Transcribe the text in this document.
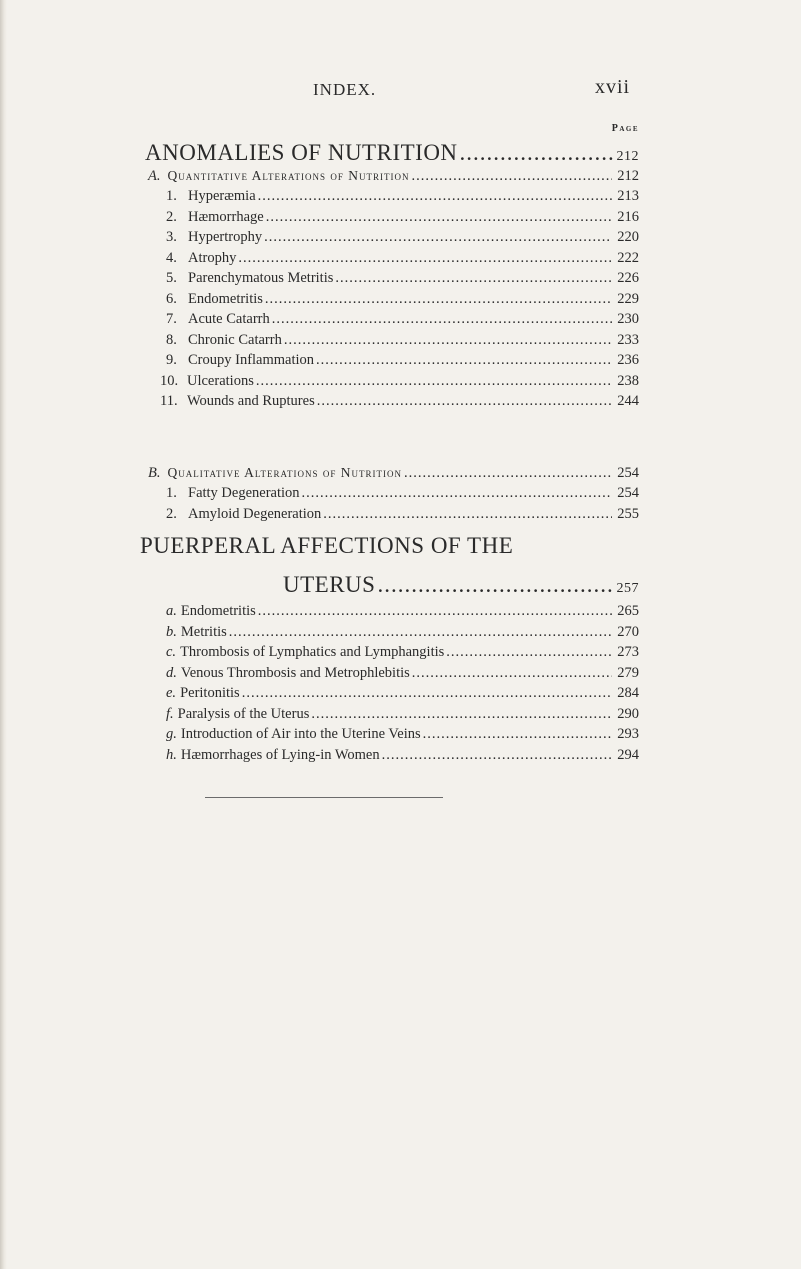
INDEX.	xvii
Page
ANOMALIES OF NUTRITION .....	212
A. Quantitative Alterations of Nutrition .....	212
1. Hyperæmia .....	213
2. Hæmorrhage .....	216
3. Hypertrophy .....	220
4. Atrophy .....	222
5. Parenchymatous Metritis .....	226
6. Endometritis .....	229
7. Acute Catarrh .....	230
8. Chronic Catarrh .....	233
9. Croupy Inflammation .....	236
10. Ulcerations .....	238
11. Wounds and Ruptures .....	244
B. Qualitative Alterations of Nutrition .....	254
1. Fatty Degeneration .....	254
2. Amyloid Degeneration .....	255
PUERPERAL AFFECTIONS OF THE
UTERUS .....	257
a. Endometritis .....	265
b. Metritis .....	270
c. Thrombosis of Lymphatics and Lymphangitis .....	273
d. Venous Thrombosis and Metrophlebitis .....	279
e. Peritonitis .....	284
f. Paralysis of the Uterus .....	290
g. Introduction of Air into the Uterine Veins .....	293
h. Hæmorrhages of Lying-in Women .....	294
